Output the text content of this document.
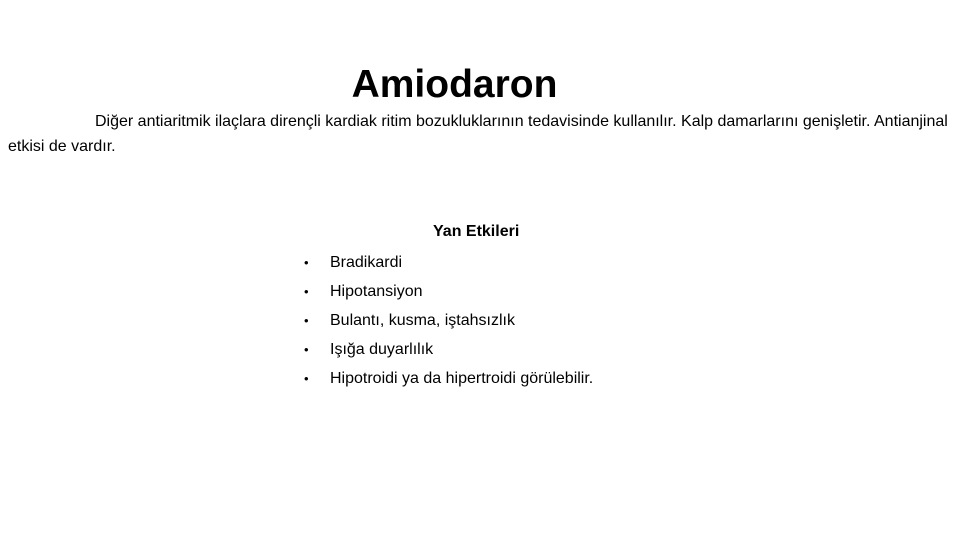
Amiodaron

Diğer antiaritmik ilaçlara dirençli kardiak ritim bozukluklarının tedavisinde kullanılır. Kalp damarlarını genişletir. Antianjinal etkisi de vardır.

Yan Etkileri
•	Bradikardi
•	Hipotansiyon
•	Bulantı, kusma, iştahsızlık
•	Işığa duyarlılık
•	Hipotroidi ya da hipertroidi görülebilir.
